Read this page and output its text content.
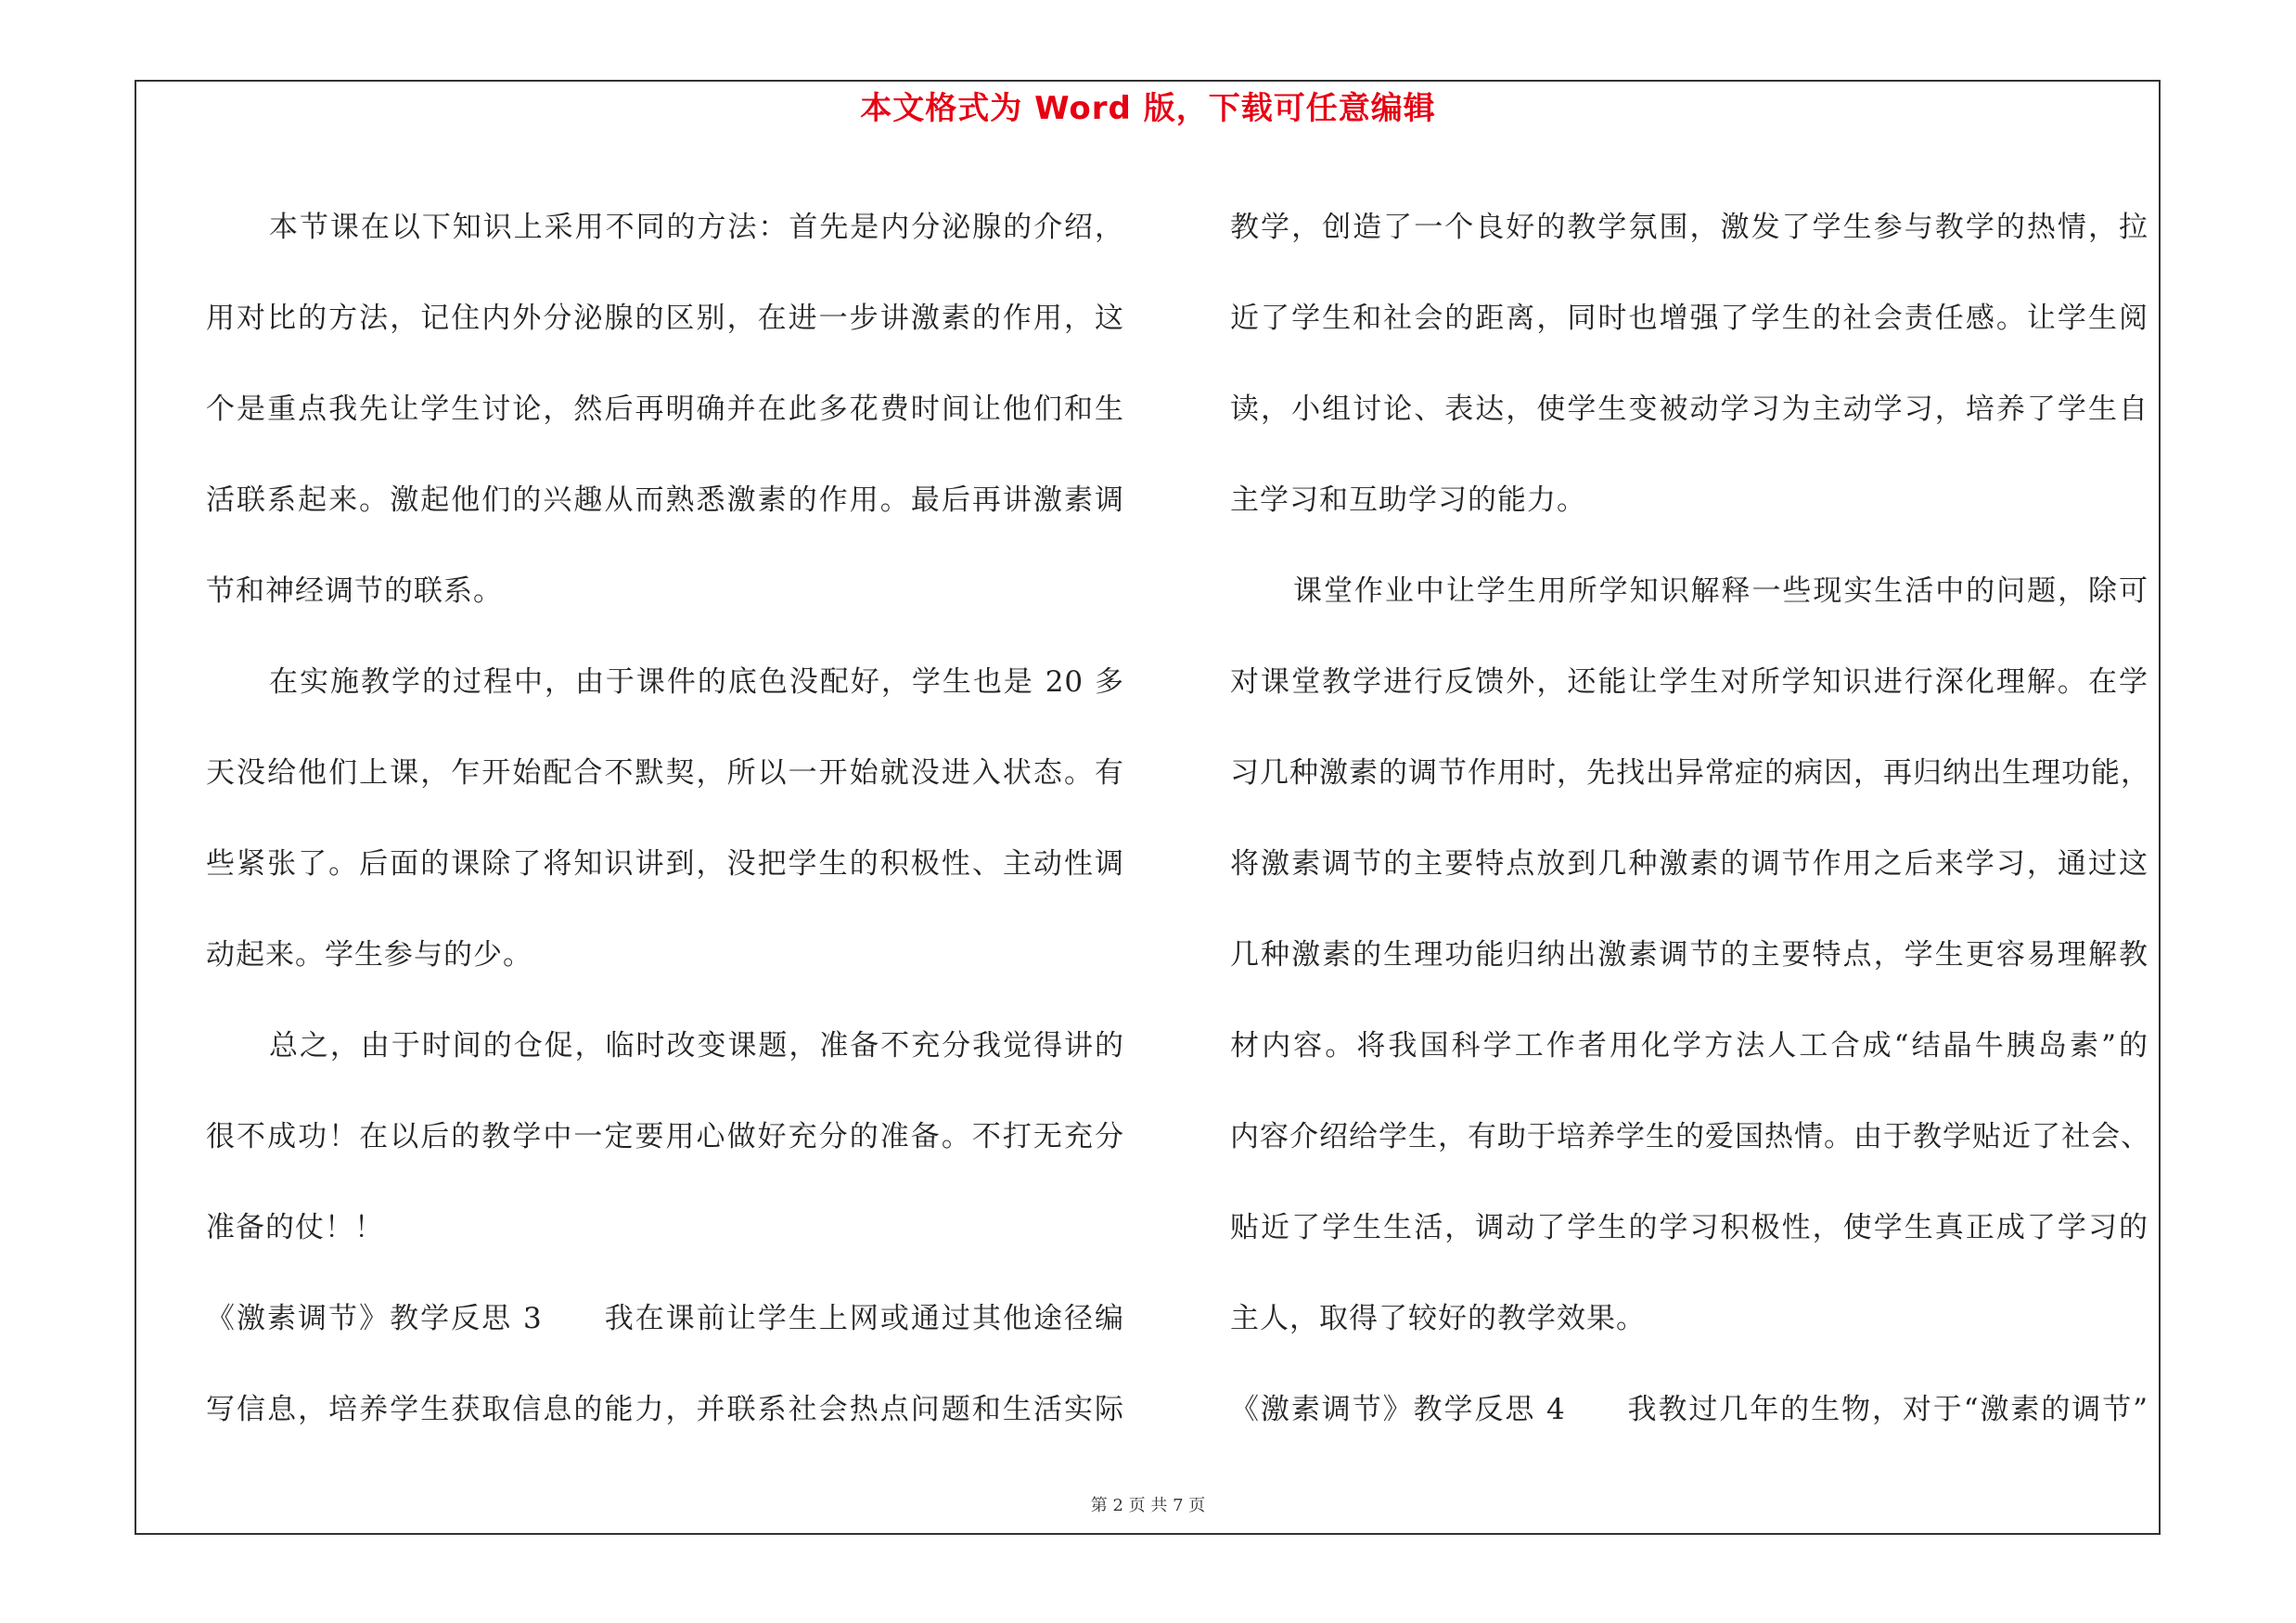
本文格式为 Word 版，下载可任意编辑
本节课在以下知识上采用不同的方法：首先是内分泌腺的介绍，
用对比的方法，记住内外分泌腺的区别，在进一步讲激素的作用，这
个是重点我先让学生讨论，然后再明确并在此多花费时间让他们和生
活联系起来。激起他们的兴趣从而熟悉激素的作用。最后再讲激素调
节和神经调节的联系。
在实施教学的过程中，由于课件的底色没配好，学生也是 20 多
天没给他们上课，乍开始配合不默契，所以一开始就没进入状态。有
些紧张了。后面的课除了将知识讲到，没把学生的积极性、主动性调
动起来。学生参与的少。
总之，由于时间的仓促，临时改变课题，准备不充分我觉得讲的
很不成功！在以后的教学中一定要用心做好充分的准备。不打无充分
准备的仗！！
《激素调节》教学反思 3　　我在课前让学生上网或通过其他途径编
写信息，培养学生获取信息的能力，并联系社会热点问题和生活实际
教学，创造了一个良好的教学氛围，激发了学生参与教学的热情，拉
近了学生和社会的距离，同时也增强了学生的社会责任感。让学生阅
读，小组讨论、表达，使学生变被动学习为主动学习，培养了学生自
主学习和互助学习的能力。
课堂作业中让学生用所学知识解释一些现实生活中的问题，除可
对课堂教学进行反馈外，还能让学生对所学知识进行深化理解。在学
习几种激素的调节作用时，先找出异常症的病因，再归纳出生理功能，
将激素调节的主要特点放到几种激素的调节作用之后来学习，通过这
几种激素的生理功能归纳出激素调节的主要特点，学生更容易理解教
材内容。将我国科学工作者用化学方法人工合成“结晶牛胰岛素”的
内容介绍给学生，有助于培养学生的爱国热情。由于教学贴近了社会、
贴近了学生生活，调动了学生的学习积极性，使学生真正成了学习的
主人，取得了较好的教学效果。
《激素调节》教学反思 4　　我教过几年的生物，对于“激素的调节”
第 2 页 共 7 页
